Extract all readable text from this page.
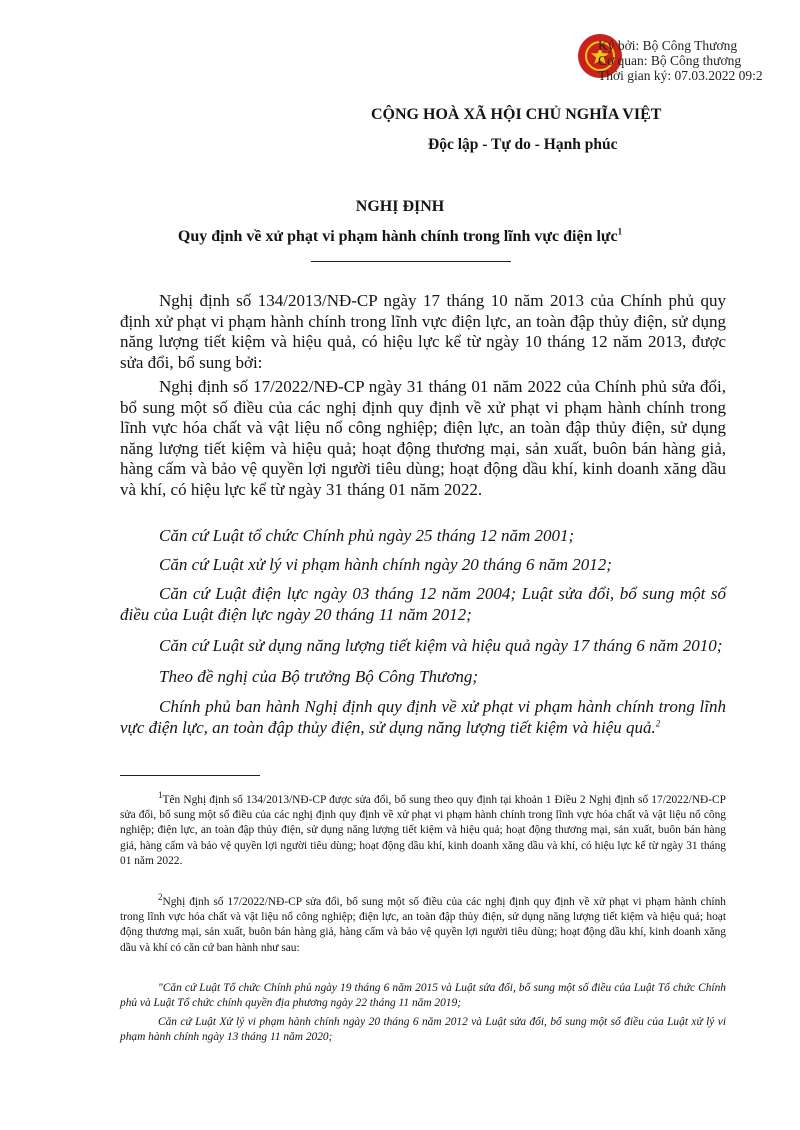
Ký bởi: Bộ Công Thương
Cơ quan: Bộ Công thương
Thời gian ký: 07.03.2022 09:2
CỘNG HOÀ XÃ HỘI CHỦ NGHĨA VIỆT
Độc lập - Tự do - Hạnh phúc
NGHỊ ĐỊNH
Quy định về xử phạt vi phạm hành chính trong lĩnh vực điện lực$^1$

Nghị định số 134/2013/NĐ-CP ngày 17 tháng 10 năm 2013 của Chính phủ quy định xử phạt vi phạm hành chính trong lĩnh vực điện lực, an toàn đập thủy điện, sử dụng năng lượng tiết kiệm và hiệu quả, có hiệu lực kể từ ngày 10 tháng 12 năm 2013, được sửa đổi, bổ sung bởi:

Nghị định số 17/2022/NĐ-CP ngày 31 tháng 01 năm 2022 của Chính phủ sửa đổi, bổ sung một số điều của các nghị định quy định về xử phạt vi phạm hành chính trong lĩnh vực hóa chất và vật liệu nổ công nghiệp; điện lực, an toàn đập thủy điện, sử dụng năng lượng tiết kiệm và hiệu quả; hoạt động thương mại, sản xuất, buôn bán hàng giả, hàng cấm và bảo vệ quyền lợi người tiêu dùng; hoạt động dầu khí, kinh doanh xăng dầu và khí, có hiệu lực kể từ ngày 31 tháng 01 năm 2022.

Căn cứ Luật tổ chức Chính phủ ngày 25 tháng 12 năm 2001;

Căn cứ Luật xử lý vi phạm hành chính ngày 20 tháng 6 năm 2012;

Căn cứ Luật điện lực ngày 03 tháng 12 năm 2004; Luật sửa đổi, bổ sung một số điều của Luật điện lực ngày 20 tháng 11 năm 2012;

Căn cứ Luật sử dụng năng lượng tiết kiệm và hiệu quả ngày 17 tháng 6 năm 2010;

Theo đề nghị của Bộ trưởng Bộ Công Thương;

Chính phủ ban hành Nghị định quy định về xử phạt vi phạm hành chính trong lĩnh vực điện lực, an toàn đập thủy điện, sử dụng năng lượng tiết kiệm và hiệu quả.$^2$

$^1$Tên Nghị định số 134/2013/NĐ-CP được sửa đổi, bổ sung theo quy định tại khoản 1 Điều 2 Nghị định số 17/2022/NĐ-CP sửa đổi, bổ sung một số điều của các nghị định quy định về xử phạt vi phạm hành chính trong lĩnh vực hóa chất và vật liệu nổ công nghiệp; điện lực, an toàn đập thủy điện, sử dụng năng lượng tiết kiệm và hiệu quả; hoạt động thương mại, sản xuất, buôn bán hàng giả, hàng cấm và bảo vệ quyền lợi người tiêu dùng; hoạt động dầu khí, kinh doanh xăng dầu và khí, có hiệu lực kể từ ngày 31 tháng 01 năm 2022.

$^2$Nghị định số 17/2022/NĐ-CP sửa đổi, bổ sung một số điều của các nghị định quy định về xử phạt vi phạm hành chính trong lĩnh vực hóa chất và vật liệu nổ công nghiệp; điện lực, an toàn đập thủy điện, sử dụng năng lượng tiết kiệm và hiệu quả; hoạt động thương mại, sản xuất, buôn bán hàng giả, hàng cấm và bảo vệ quyền lợi người tiêu dùng; hoạt động dầu khí, kinh doanh xăng dầu và khí có căn cứ ban hành như sau:

"Căn cứ Luật Tổ chức Chính phủ ngày 19 tháng 6 năm 2015 và Luật sửa đổi, bổ sung một số điều của Luật Tổ chức Chính phủ và Luật Tổ chức chính quyền địa phương ngày 22 tháng 11 năm 2019;

Căn cứ Luật Xử lý vi phạm hành chính ngày 20 tháng 6 năm 2012 và Luật sửa đổi, bổ sung một số điều của Luật xử lý vi phạm hành chính ngày 13 tháng 11 năm 2020;
